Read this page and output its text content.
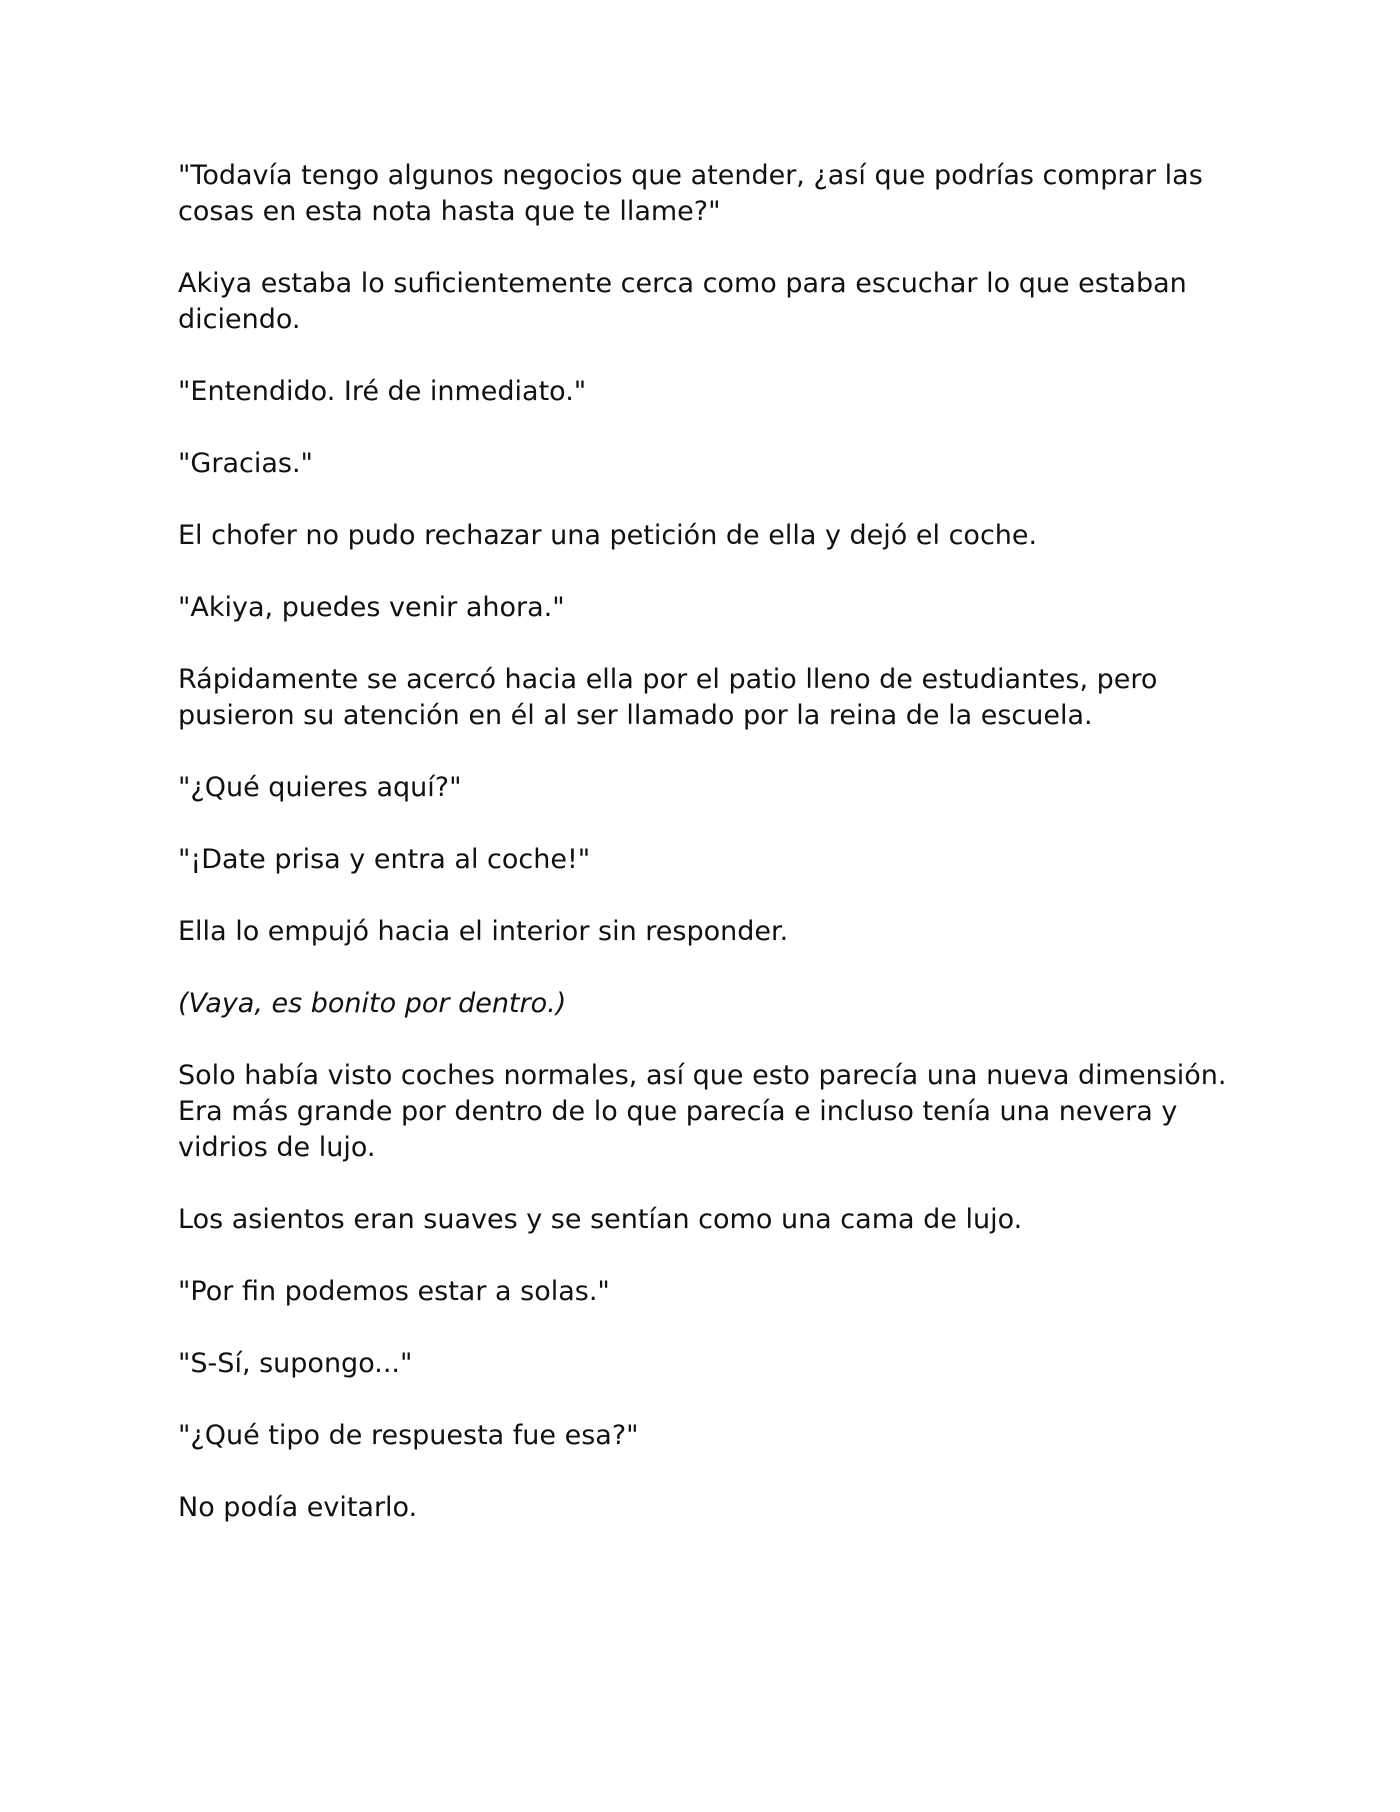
"Todavía tengo algunos negocios que atender, ¿así que podrías comprar las cosas en esta nota hasta que te llame?"

Akiya estaba lo suficientemente cerca como para escuchar lo que estaban diciendo.

"Entendido. Iré de inmediato."

"Gracias."

El chofer no pudo rechazar una petición de ella y dejó el coche.

"Akiya, puedes venir ahora."

Rápidamente se acercó hacia ella por el patio lleno de estudiantes, pero pusieron su atención en él al ser llamado por la reina de la escuela.

"¿Qué quieres aquí?"

"¡Date prisa y entra al coche!"

Ella lo empujó hacia el interior sin responder.

(Vaya, es bonito por dentro.)

Solo había visto coches normales, así que esto parecía una nueva dimensión. Era más grande por dentro de lo que parecía e incluso tenía una nevera y vidrios de lujo.

Los asientos eran suaves y se sentían como una cama de lujo.

"Por fin podemos estar a solas."

"S-Sí, supongo..."

"¿Qué tipo de respuesta fue esa?"

No podía evitarlo.
